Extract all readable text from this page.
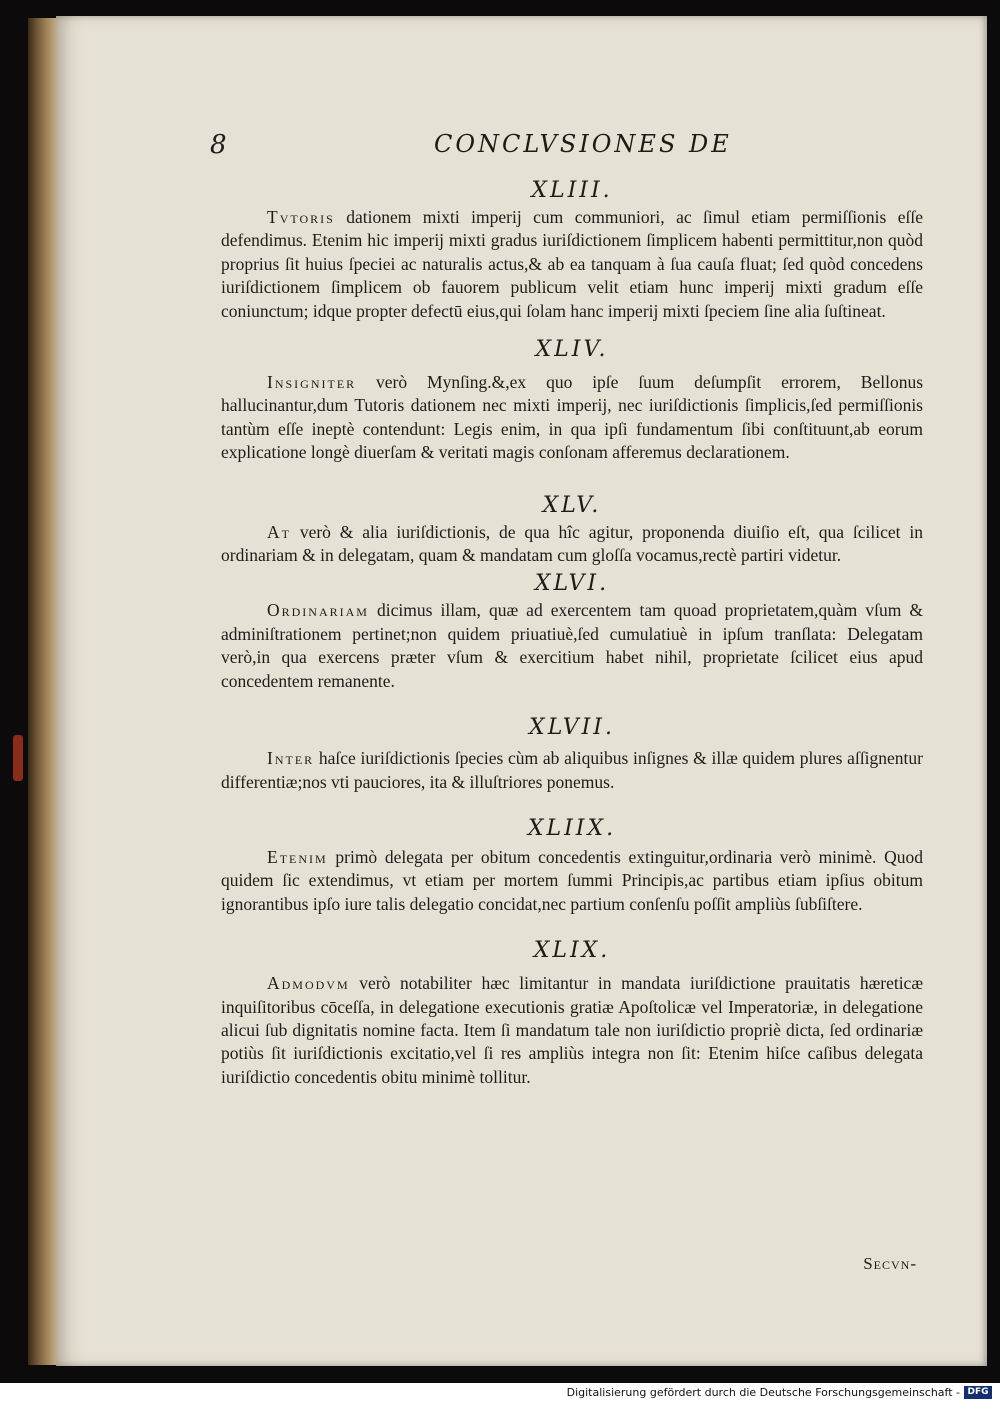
8	CONCLVSIONES DE

XLIII.

Tvtoris dationem mixti imperij cum communiori, ac ſimul etiam permiſſionis eſſe defendimus. Etenim hic imperij mixti gradus iuriſdictionem ſimplicem habenti permittitur,non quòd proprius ſit huius ſpeciei ac naturalis actus,& ab ea tanquam à ſua cauſa fluat; ſed quòd concedens iuriſdictionem ſimplicem ob fauorem publicum velit etiam hunc imperij mixti gradum eſſe coniunctum; idque propter defectū eius,qui ſolam hanc imperij mixti ſpeciem ſine alia ſuſtineat.

XLIV.

Insigniter verò Mynſing.&,ex quo ipſe ſuum deſumpſit errorem, Bellonus hallucinantur,dum Tutoris dationem nec mixti imperij, nec iuriſdictionis ſimplicis,ſed permiſſionis tantùm eſſe ineptè contendunt: Legis enim, in qua ipſi fundamentum ſibi conſtituunt,ab eorum explicatione longè diuerſam & veritati magis conſonam afferemus declarationem.

XLV.

At verò & alia iuriſdictionis, de qua hîc agitur, proponenda diuiſio eſt, qua ſcilicet in ordinariam & in delegatam, quam & mandatam cum gloſſa vocamus,rectè partiri videtur.

XLVI.

Ordinariam dicimus illam, quæ ad exercentem tam quoad proprietatem,quàm vſum & adminiſtrationem pertinet;non quidem priuatiuè,ſed cumulatiuè in ipſum tranſlata: Delegatam verò,in qua exercens præter vſum & exercitium habet nihil, proprietate ſcilicet eius apud concedentem remanente.

XLVII.

Inter haſce iuriſdictionis ſpecies cùm ab aliquibus inſignes & illæ quidem plures aſſignentur differentiæ;nos vti pauciores, ita & illuſtriores ponemus.

XLIIX.

Etenim primò delegata per obitum concedentis extinguitur,ordinaria verò minimè. Quod quidem ſic extendimus, vt etiam per mortem ſummi Principis,ac partibus etiam ipſius obitum ignorantibus ipſo iure talis delegatio concidat,nec partium conſenſu poſſit ampliùs ſubſiſtere.

XLIX.

Admodvm verò notabiliter hæc limitantur in mandata iuriſdictione prauitatis hæreticæ inquiſitoribus cōceſſa, in delegatione executionis gratiæ Apoſtolicæ vel Imperatoriæ, in delegatione alicui ſub dignitatis nomine facta. Item ſi mandatum tale non iuriſdictio propriè dicta, ſed ordinariæ potiùs ſit iuriſdictionis excitatio,vel ſi res ampliùs integra non ſit: Etenim hiſce caſibus delegata iuriſdictio concedentis obitu minimè tollitur.

Secvn-
Digitalisierung gefördert durch die Deutsche Forschungsgemeinschaft - DFG
